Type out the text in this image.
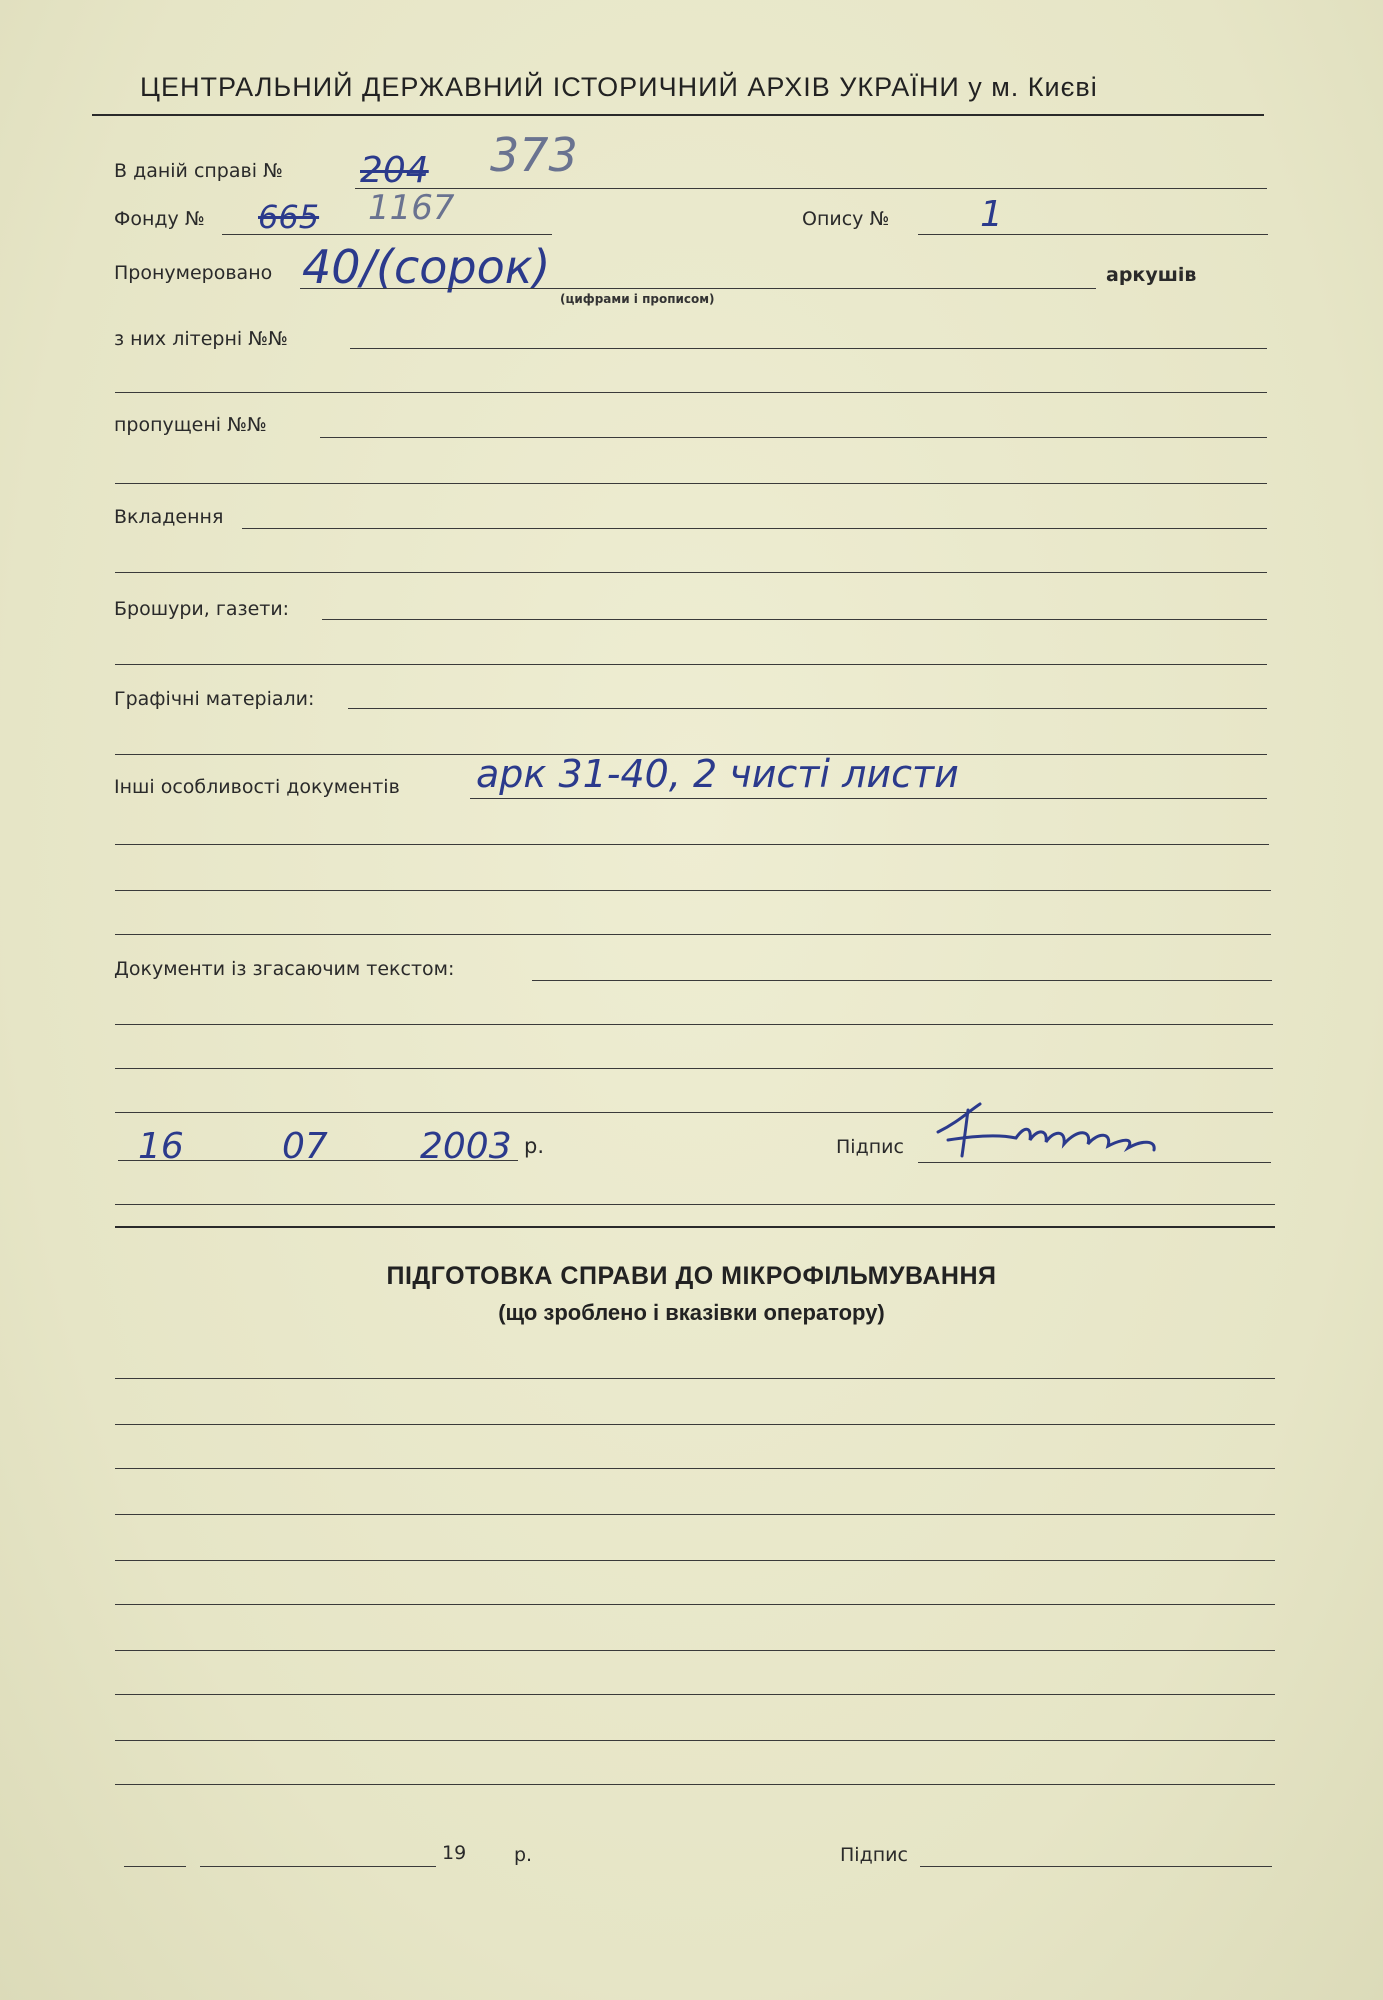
ЦЕНТРАЛЬНИЙ ДЕРЖАВНИЙ ІСТОРИЧНИЙ АРХІВ УКРАЇНИ у м. Києві
В даній справі № 204 373
Фонду № 665 1167	Опису №	1
Пронумеровано 40/(сорок)	аркушів
(цифрами і прописом)
з них літерні №№
пропущені №№
Вкладення
Брошури, газети:
Графічні матеріали:
Інші особливості документів арк 31-40, 2 чисті листи
Документи із згасаючим текстом:
16	07	2003 р.	Підпис
ПІДГОТОВКА СПРАВИ ДО МІКРОФІЛЬМУВАННЯ
(що зроблено і вказівки оператору)
19	р.	Підпис
